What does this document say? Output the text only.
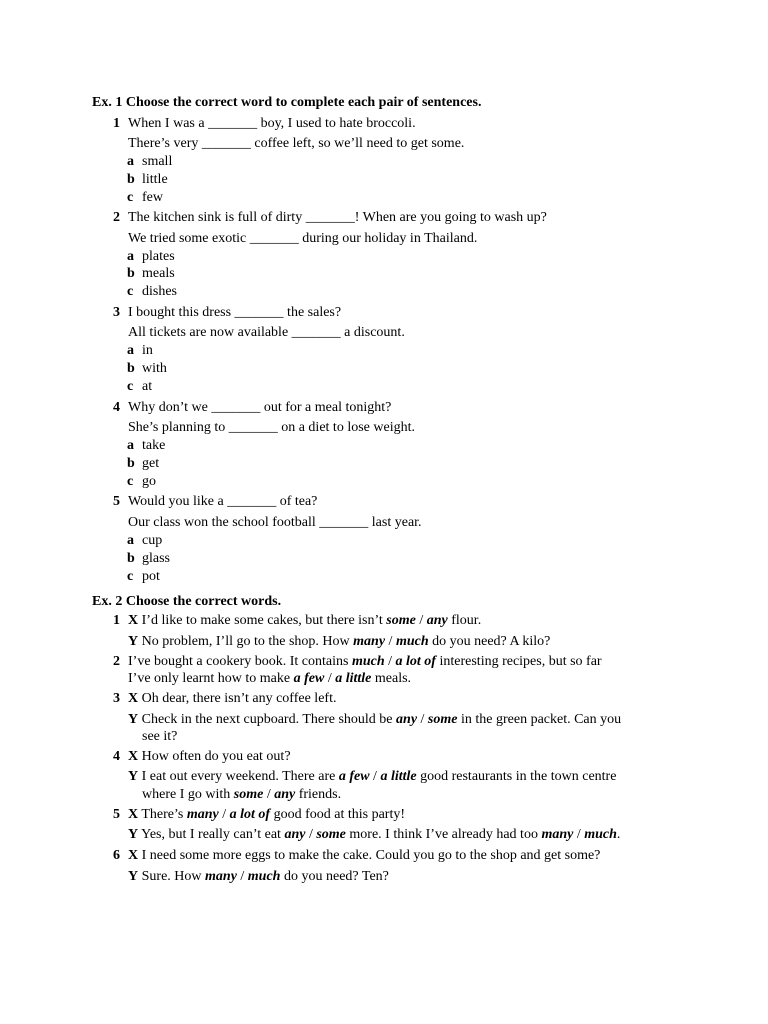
Ex. 1 Choose the correct word to complete each pair of sentences.
1 When I was a _______ boy, I used to hate broccoli.
There’s very _______ coffee left, so we’ll need to get some.
a small
b little
c few
2 The kitchen sink is full of dirty _______! When are you going to wash up?
We tried some exotic _______ during our holiday in Thailand.
a plates
b meals
c dishes
3 I bought this dress _______ the sales?
All tickets are now available _______ a discount.
a in
b with
c at
4 Why don’t we _______ out for a meal tonight?
She’s planning to _______ on a diet to lose weight.
a take
b get
c go
5 Would you like a _______ of tea?
Our class won the school football _______ last year.
a cup
b glass
c pot
Ex. 2 Choose the correct words.
1 X I’d like to make some cakes, but there isn’t some / any flour.
Y No problem, I’ll go to the shop. How many / much do you need? A kilo?
2 I’ve bought a cookery book. It contains much / a lot of interesting recipes, but so far
I’ve only learnt how to make a few / a little meals.
3 X Oh dear, there isn’t any coffee left.
Y Check in the next cupboard. There should be any / some in the green packet. Can you
see it?
4 X How often do you eat out?
Y I eat out every weekend. There are a few / a little good restaurants in the town centre
where I go with some / any friends.
5 X There’s many / a lot of good food at this party!
Y Yes, but I really can’t eat any / some more. I think I’ve already had too many / much.
6 X I need some more eggs to make the cake. Could you go to the shop and get some?
Y Sure. How many / much do you need? Ten?
